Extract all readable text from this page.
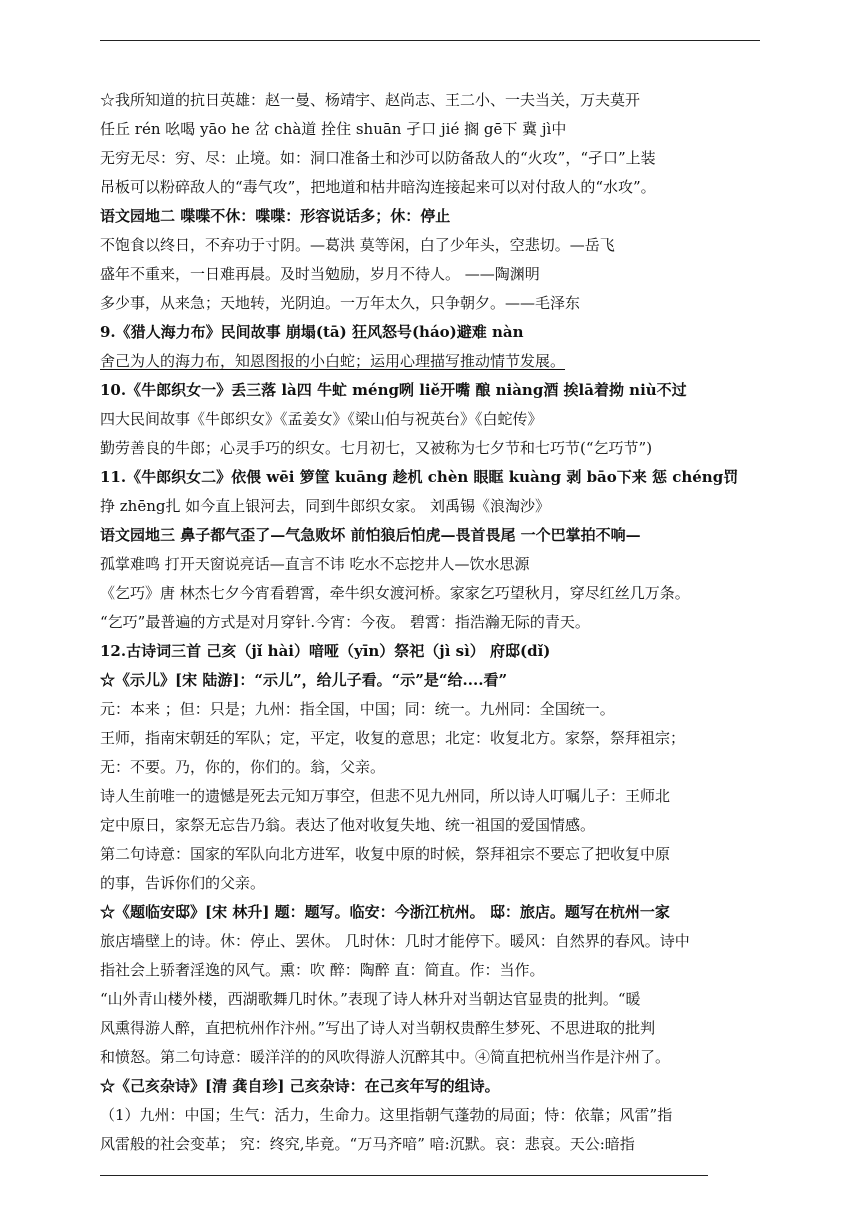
☆我所知道的抗日英雄：赵一曼、杨靖宇、赵尚志、王二小、一夫当关，万夫莫开
任丘 rén 吆喝 yāo he 岔 chà道 拴住 shuān 孑口 jié 搁 gē下 冀 jì中
无穷无尽：穷、尽：止境。如：洞口准备土和沙可以防备敌人的“火攻”，“孑口”上装
吊板可以粉碎敌人的“毒气攻”，把地道和枯井暗沟连接起来可以对付敌人的“水攻”。
语文园地二 喋喋不休：喋喋：形容说话多；休：停止
不饱食以终日，不弃功于寸阴。—葛洪 莫等闲，白了少年头，空悲切。—岳飞
盛年不重来，一日难再晨。及时当勉励，岁月不待人。 ——陶渊明
多少事，从来急；天地转，光阴迫。一万年太久，只争朝夕。——毛泽东
9.《猎人海力布》民间故事 崩塌(tā) 狂风怒号(háo)避难 nàn
舍己为人的海力布，知恩图报的小白蛇；运用心理描写推动情节发展。
10.《牛郎织女一》丢三落 là四 牛虻 méng咧 liě开嘴 酿 niàng酒 挨lā着拗 niù不过
四大民间故事《牛郎织女》《孟姜女》《梁山伯与祝英台》《白蛇传》
勤劳善良的牛郎；心灵手巧的织女。七月初七，又被称为七夕节和七巧节(“乞巧节”)
11.《牛郎织女二》依偎 wēi 箩筐 kuāng 趁机 chèn 眼眶 kuàng 剥 bāo下来 惩 chéng罚
挣 zhēng扎 如今直上银河去，同到牛郎织女家。 刘禹锡《浪淘沙》
语文园地三 鼻子都气歪了—气急败坏 前怕狼后怕虎—畏首畏尾 一个巴掌拍不响—
孤掌难鸣 打开天窗说亮话—直言不讳 吃水不忘挖井人—饮水思源
《乞巧》唐 林杰七夕今宵看碧霄，牵牛织女渡河桥。家家乞巧望秋月，穿尽红丝几万条。
“乞巧”最普遍的方式是对月穿针.今宵：今夜。 碧霄：指浩瀚无际的青天。
12.古诗词三首 己亥（jǐ hài）喑哑（yīn）祭祀（jì sì） 府邸(dǐ)
☆《示儿》[宋 陆游]：“示儿”，给儿子看。“示”是“给....看”
元：本来 ；但：只是；九州：指全国，中国；同：统一。九州同：全国统一。
王师，指南宋朝廷的军队；定，平定，收复的意思；北定：收复北方。家祭，祭拜祖宗；
无：不要。乃，你的，你们的。翁，父亲。
诗人生前唯一的遗憾是死去元知万事空，但悲不见九州同，所以诗人叮嘱儿子：王师北
定中原日，家祭无忘告乃翁。表达了他对收复失地、统一祖国的爱国情感。
第二句诗意：国家的军队向北方进军，收复中原的时候，祭拜祖宗不要忘了把收复中原
的事，告诉你们的父亲。
☆《题临安邸》[宋 林升] 题：题写。临安：今浙江杭州。 邸：旅店。题写在杭州一家
旅店墙壁上的诗。休：停止、罢休。 几时休：几时才能停下。暖风：自然界的春风。诗中
指社会上骄奢淫逸的风气。熏：吹 醉：陶醉 直：简直。作：当作。
“山外青山楼外楼，西湖歌舞几时休。”表现了诗人林升对当朝达官显贵的批判。“暖
风熏得游人醉，直把杭州作汴州。”写出了诗人对当朝权贵醉生梦死、不思进取的批判
和愤怒。第二句诗意：暖洋洋的的风吹得游人沉醉其中。④简直把杭州当作是汴州了。
☆《己亥杂诗》[清 龚自珍] 己亥杂诗：在己亥年写的组诗。
（1）九州：中国；生气：活力，生命力。这里指朝气蓬勃的局面；恃：依靠；风雷”指
风雷般的社会变革； 究：终究,毕竟。“万马齐喑” 喑:沉默。哀：悲哀。天公:暗指
